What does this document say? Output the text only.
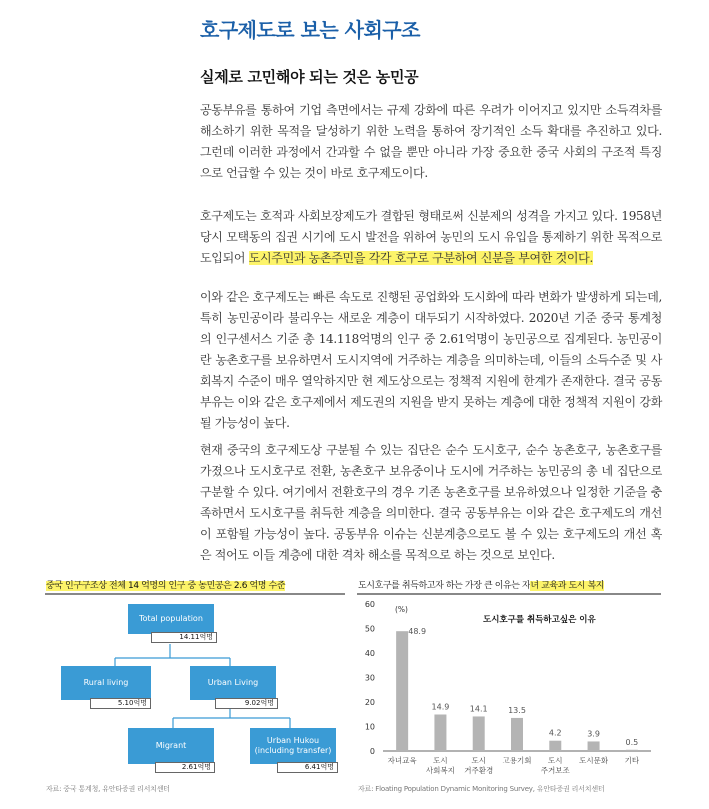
호구제도로 보는 사회구조
실제로 고민해야 되는 것은 농민공
공동부유를 통하여 기업 측면에서는 규제 강화에 따른 우려가 이어지고 있지만 소득격차를 해소하기 위한 목적을 달성하기 위한 노력을 통하여 장기적인 소득 확대를 추진하고 있다. 그런데 이러한 과정에서 간과할 수 없을 뿐만 아니라 가장 중요한 중국 사회의 구조적 특징으로 언급할 수 있는 것이 바로 호구제도이다.
호구제도는 호적과 사회보장제도가 결합된 형태로써 신분제의 성격을 가지고 있다. 1958년 당시 모택동의 집권 시기에 도시 발전을 위하여 농민의 도시 유입을 통제하기 위한 목적으로 도입되어 도시주민과 농촌주민을 각각 호구로 구분하여 신분을 부여한 것이다.
이와 같은 호구제도는 빠른 속도로 진행된 공업화와 도시화에 따라 변화가 발생하게 되는데, 특히 농민공이라 불리우는 새로운 계층이 대두되기 시작하였다. 2020년 기준 중국 통계청의 인구센서스 기준 총 14.118억명의 인구 중 2.61억명이 농민공으로 집계된다. 농민공이란 농촌호구를 보유하면서 도시지역에 거주하는 계층을 의미하는데, 이들의 소득수준 및 사회복지 수준이 매우 열악하지만 현 제도상으로는 정책적 지원에 한계가 존재한다. 결국 공동부유는 이와 같은 호구제에서 제도권의 지원을 받지 못하는 계층에 대한 정책적 지원이 강화될 가능성이 높다.
현재 중국의 호구제도상 구분될 수 있는 집단은 순수 도시호구, 순수 농촌호구, 농촌호구를 가졌으나 도시호구로 전환, 농촌호구 보유중이나 도시에 거주하는 농민공의 총 네 집단으로 구분할 수 있다. 여기에서 전환호구의 경우 기존 농촌호구를 보유하였으나 일정한 기준을 충족하면서 도시호구를 취득한 계층을 의미한다. 결국 공동부유는 이와 같은 호구제도의 개선이 포함될 가능성이 높다. 공동부유 이슈는 신분계층으로도 볼 수 있는 호구제도의 개선 혹은 적어도 이들 계층에 대한 격차 해소를 목적으로 하는 것으로 보인다.
중국 인구구조상 전체 14 억명의 인구 중 농민공은 2.6 억명 수준
Total population
14.11억명
Rural living
5.10억명
Urban Living
9.02억명
Migrant
2.61억명
Urban Hukou
(including transfer)
6.41억명
자료: 중국 통계청, 유안타증권 리서치센터
도시호구를 취득하고자 하는 가장 큰 이유는 자녀 교육과 도시 복지
0
10
20
30
40
50
60
(%)
도시호구를 취득하고싶은 이유
48.9
자녀교육
14.9
도시
사회복지
14.1
도시
거주환경
13.5
고용기회
4.2
도시
주거보조
3.9
도시문화
0.5
기타
자료: Floating Population Dynamic Monitoring Survey, 유안타증권 리서치센터
